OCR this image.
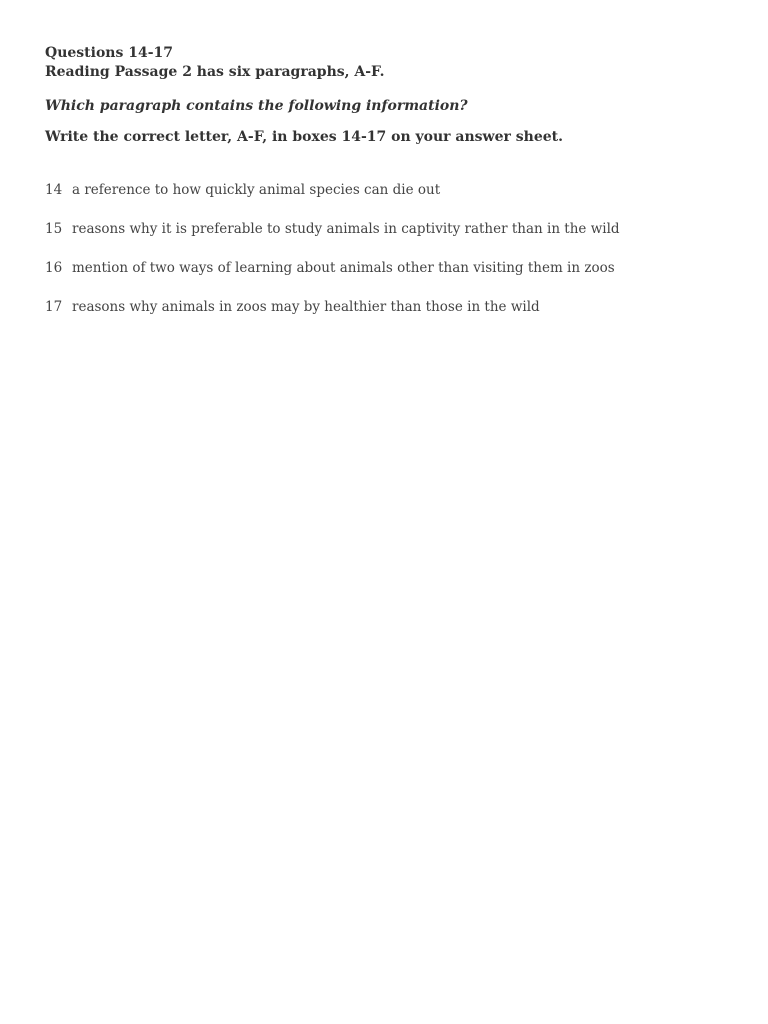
Questions 14-17

Reading Passage 2 has six paragraphs, A-F.

Which paragraph contains the following information?

Write the correct letter, A-F, in boxes 14-17 on your answer sheet.

14 a reference to how quickly animal species can die out
15 reasons why it is preferable to study animals in captivity rather than in the wild
16 mention of two ways of learning about animals other than visiting them in zoos
17 reasons why animals in zoos may by healthier than those in the wild
